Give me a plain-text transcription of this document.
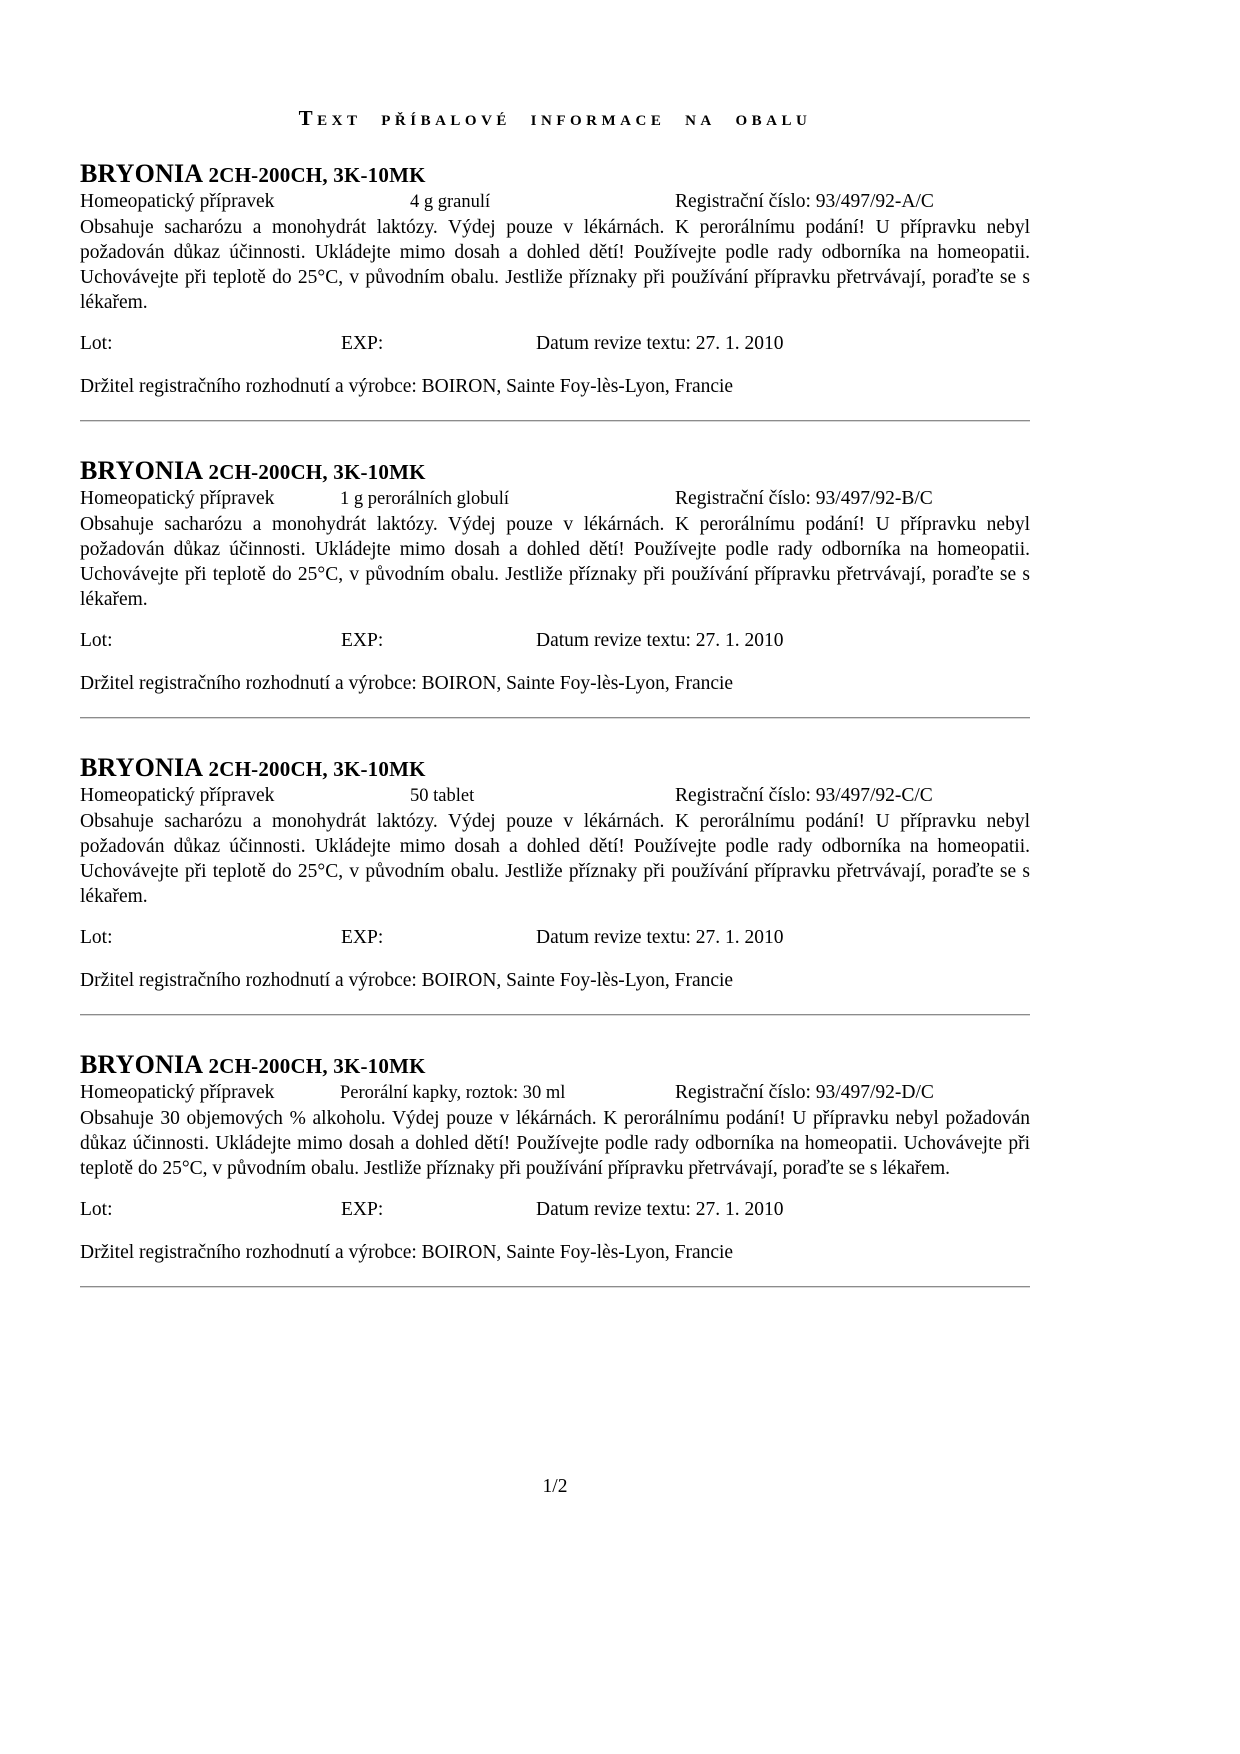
Text příbalové informace na obalu
BRYONIA 2CH-200CH, 3K-10MK
Homeopatický přípravek	4 g granulí	Registrační číslo: 93/497/92-A/C

Obsahuje sacharózu a monohydrát laktózy. Výdej pouze v lékárnách. K perorálnímu podání! U přípravku nebyl požadován důkaz účinnosti. Ukládejte mimo dosah a dohled dětí! Používejte podle rady odborníka na homeopatii. Uchovávejte při teplotě do 25°C, v původním obalu. Jestliže příznaky při používání přípravku přetrvávají, poraďte se s lékařem.

Lot:	EXP:	Datum revize textu: 27. 1. 2010

Držitel registračního rozhodnutí a výrobce: BOIRON, Sainte Foy-lès-Lyon, Francie

BRYONIA 2CH-200CH, 3K-10MK
Homeopatický přípravek	1 g perorálních globulí	Registrační číslo: 93/497/92-B/C

Obsahuje sacharózu a monohydrát laktózy. Výdej pouze v lékárnách. K perorálnímu podání! U přípravku nebyl požadován důkaz účinnosti. Ukládejte mimo dosah a dohled dětí! Používejte podle rady odborníka na homeopatii. Uchovávejte při teplotě do 25°C, v původním obalu. Jestliže příznaky při používání přípravku přetrvávají, poraďte se s lékařem.

Lot:	EXP:	Datum revize textu: 27. 1. 2010

Držitel registračního rozhodnutí a výrobce: BOIRON, Sainte Foy-lès-Lyon, Francie

BRYONIA 2CH-200CH, 3K-10MK
Homeopatický přípravek	50 tablet	Registrační číslo: 93/497/92-C/C

Obsahuje sacharózu a monohydrát laktózy. Výdej pouze v lékárnách. K perorálnímu podání! U přípravku nebyl požadován důkaz účinnosti. Ukládejte mimo dosah a dohled dětí! Používejte podle rady odborníka na homeopatii. Uchovávejte při teplotě do 25°C, v původním obalu. Jestliže příznaky při používání přípravku přetrvávají, poraďte se s lékařem.

Lot:	EXP:	Datum revize textu: 27. 1. 2010

Držitel registračního rozhodnutí a výrobce: BOIRON, Sainte Foy-lès-Lyon, Francie

BRYONIA 2CH-200CH, 3K-10MK
Homeopatický přípravek	Perorální kapky, roztok: 30 ml	Registrační číslo: 93/497/92-D/C

Obsahuje 30 objemových % alkoholu. Výdej pouze v lékárnách. K perorálnímu podání! U přípravku nebyl požadován důkaz účinnosti. Ukládejte mimo dosah a dohled dětí! Používejte podle rady odborníka na homeopatii. Uchovávejte při teplotě do 25°C, v původním obalu. Jestliže příznaky při používání přípravku přetrvávají, poraďte se s lékařem.

Lot:	EXP:	Datum revize textu: 27. 1. 2010

Držitel registračního rozhodnutí a výrobce: BOIRON, Sainte Foy-lès-Lyon, Francie

1/2
